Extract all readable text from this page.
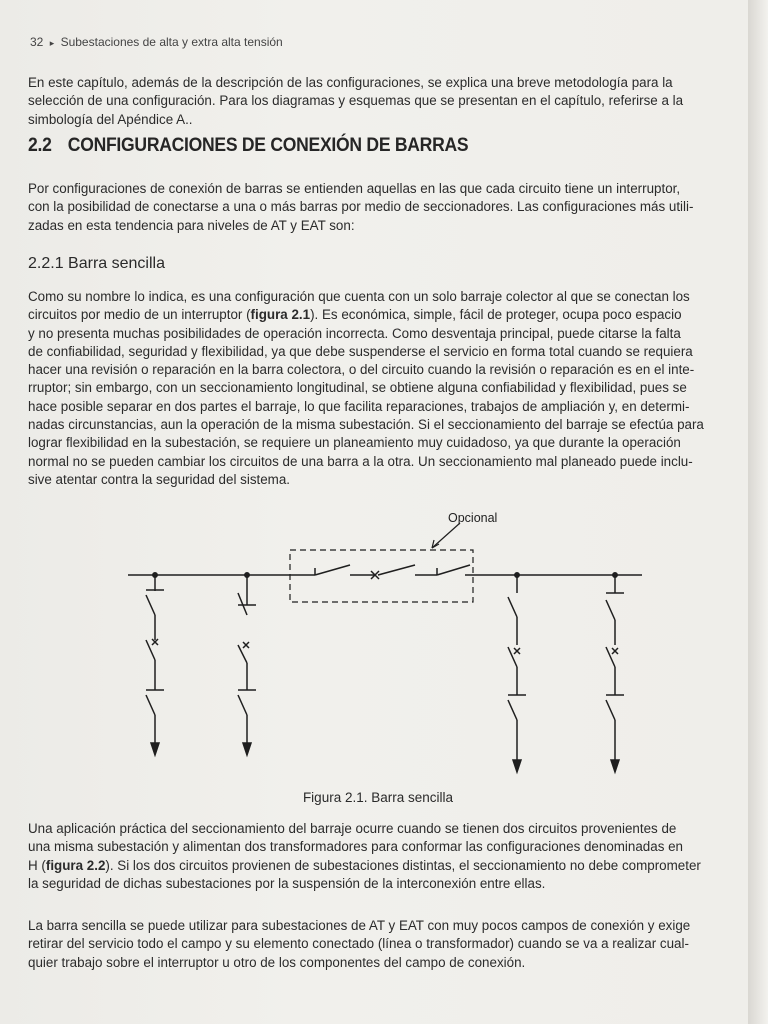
32 ▸ Subestaciones de alta y extra alta tensión
En este capítulo, además de la descripción de las configuraciones, se explica una breve metodología para la
selección de una configuración. Para los diagramas y esquemas que se presentan en el capítulo, referirse a la
simbología del Apéndice A..
2.2 CONFIGURACIONES DE CONEXIÓN DE BARRAS
Por configuraciones de conexión de barras se entienden aquellas en las que cada circuito tiene un interruptor,
con la posibilidad de conectarse a una o más barras por medio de seccionadores. Las configuraciones más utili-
zadas en esta tendencia para niveles de AT y EAT son:
2.2.1 Barra sencilla
Como su nombre lo indica, es una configuración que cuenta con un solo barraje colector al que se conectan los
circuitos por medio de un interruptor (figura 2.1). Es económica, simple, fácil de proteger, ocupa poco espacio
y no presenta muchas posibilidades de operación incorrecta. Como desventaja principal, puede citarse la falta
de confiabilidad, seguridad y flexibilidad, ya que debe suspenderse el servicio en forma total cuando se requiera
hacer una revisión o reparación en la barra colectora, o del circuito cuando la revisión o reparación es en el inte-
rruptor; sin embargo, con un seccionamiento longitudinal, se obtiene alguna confiabilidad y flexibilidad, pues se
hace posible separar en dos partes el barraje, lo que facilita reparaciones, trabajos de ampliación y, en determi-
nadas circunstancias, aun la operación de la misma subestación. Si el seccionamiento del barraje se efectúa para
lograr flexibilidad en la subestación, se requiere un planeamiento muy cuidadoso, ya que durante la operación
normal no se pueden cambiar los circuitos de una barra a la otra. Un seccionamiento mal planeado puede inclu-
sive atentar contra la seguridad del sistema.
Opcional
Figura 2.1. Barra sencilla
Una aplicación práctica del seccionamiento del barraje ocurre cuando se tienen dos circuitos provenientes de
una misma subestación y alimentan dos transformadores para conformar las configuraciones denominadas en
H (figura 2.2). Si los dos circuitos provienen de subestaciones distintas, el seccionamiento no debe comprometer
la seguridad de dichas subestaciones por la suspensión de la interconexión entre ellas.
La barra sencilla se puede utilizar para subestaciones de AT y EAT con muy pocos campos de conexión y exige
retirar del servicio todo el campo y su elemento conectado (línea o transformador) cuando se va a realizar cual-
quier trabajo sobre el interruptor u otro de los componentes del campo de conexión.
